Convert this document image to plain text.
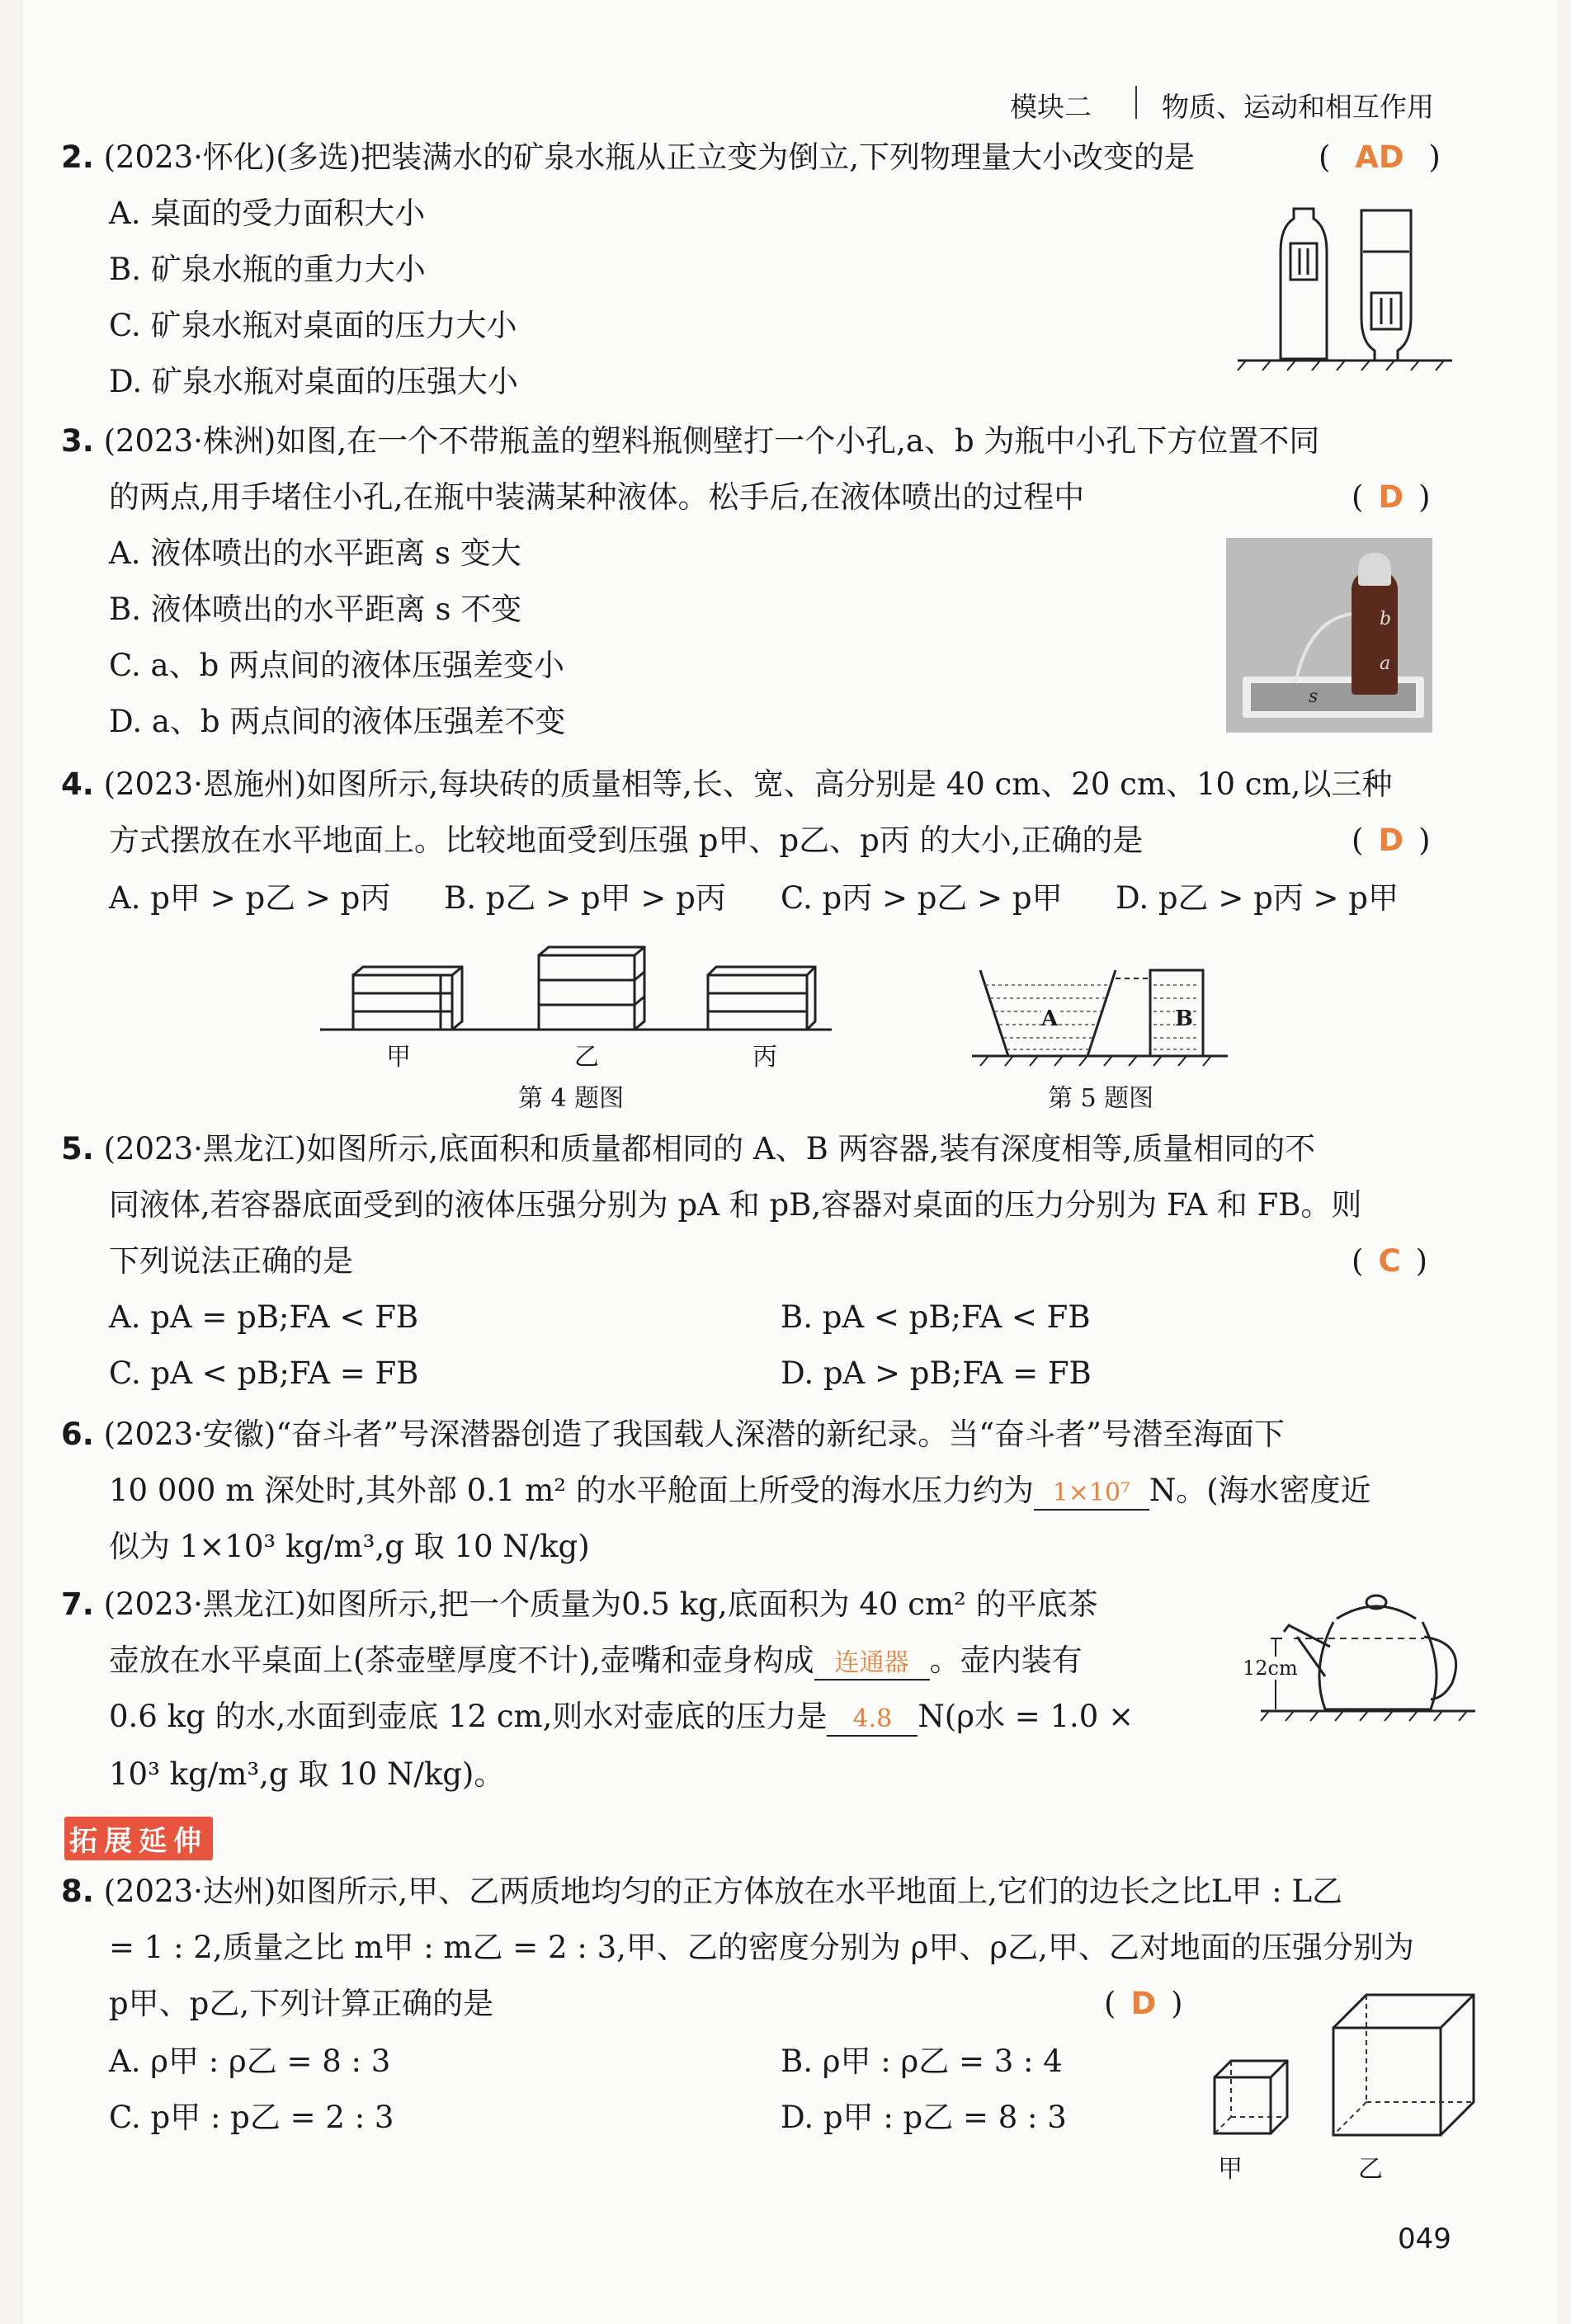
模块二	物质、运动和相互作用
2. (2023·怀化)(多选)把装满水的矿泉水瓶从正立变为倒立,下列物理量大小改变的是	( AD )
A. 桌面的受力面积大小
B. 矿泉水瓶的重力大小
C. 矿泉水瓶对桌面的压力大小
D. 矿泉水瓶对桌面的压强大小
3. (2023·株洲)如图,在一个不带瓶盖的塑料瓶侧壁打一个小孔,a、b 为瓶中小孔下方位置不同
的两点,用手堵住小孔,在瓶中装满某种液体。松手后,在液体喷出的过程中	( D )
A. 液体喷出的水平距离 s 变大
B. 液体喷出的水平距离 s 不变
C. a、b 两点间的液体压强差变小
D. a、b 两点间的液体压强差不变
b
a
s
4. (2023·恩施州)如图所示,每块砖的质量相等,长、宽、高分别是 40 cm、20 cm、10 cm,以三种
方式摆放在水平地面上。比较地面受到压强 p甲、p乙、p丙 的大小,正确的是	( D )
A. p甲 > p乙 > p丙 B. p乙 > p甲 > p丙 C. p丙 > p乙 > p甲 D. p乙 > p丙 > p甲
甲	乙	丙
第 4 题图
A	B
第 5 题图
5. (2023·黑龙江)如图所示,底面积和质量都相同的 A、B 两容器,装有深度相等,质量相同的不
同液体,若容器底面受到的液体压强分别为 pA 和 pB,容器对桌面的压力分别为 FA 和 FB。则
下列说法正确的是	( C )
A. pA = pB;FA < FB	B. pA < pB;FA < FB
C. pA < pB;FA = FB	D. pA > pB;FA = FB
6. (2023·安徽)“奋斗者”号深潜器创造了我国载人深潜的新纪录。当“奋斗者”号潜至海面下
10 000 m 深处时,其外部 0.1 m² 的水平舱面上所受的海水压力约为 1×10⁷ N。(海水密度近
似为 1×10³ kg/m³,g 取 10 N/kg)
7. (2023·黑龙江)如图所示,把一个质量为0.5 kg,底面积为 40 cm² 的平底茶
壶放在水平桌面上(茶壶壁厚度不计),壶嘴和壶身构成 连通器 。壶内装有
0.6 kg 的水,水面到壶底 12 cm,则水对壶底的压力是 4.8 N(ρ水 = 1.0 ×
10³ kg/m³,g 取 10 N/kg)。
12cm
拓展延伸
8. (2023·达州)如图所示,甲、乙两质地均匀的正方体放在水平地面上,它们的边长之比L甲 : L乙
= 1 : 2,质量之比 m甲 : m乙 = 2 : 3,甲、乙的密度分别为 ρ甲、ρ乙,甲、乙对地面的压强分别为
p甲、p乙,下列计算正确的是	( D )
A. ρ甲 : ρ乙 = 8 : 3	B. ρ甲 : ρ乙 = 3 : 4
C. p甲 : p乙 = 2 : 3	D. p甲 : p乙 = 8 : 3
甲	乙
049
